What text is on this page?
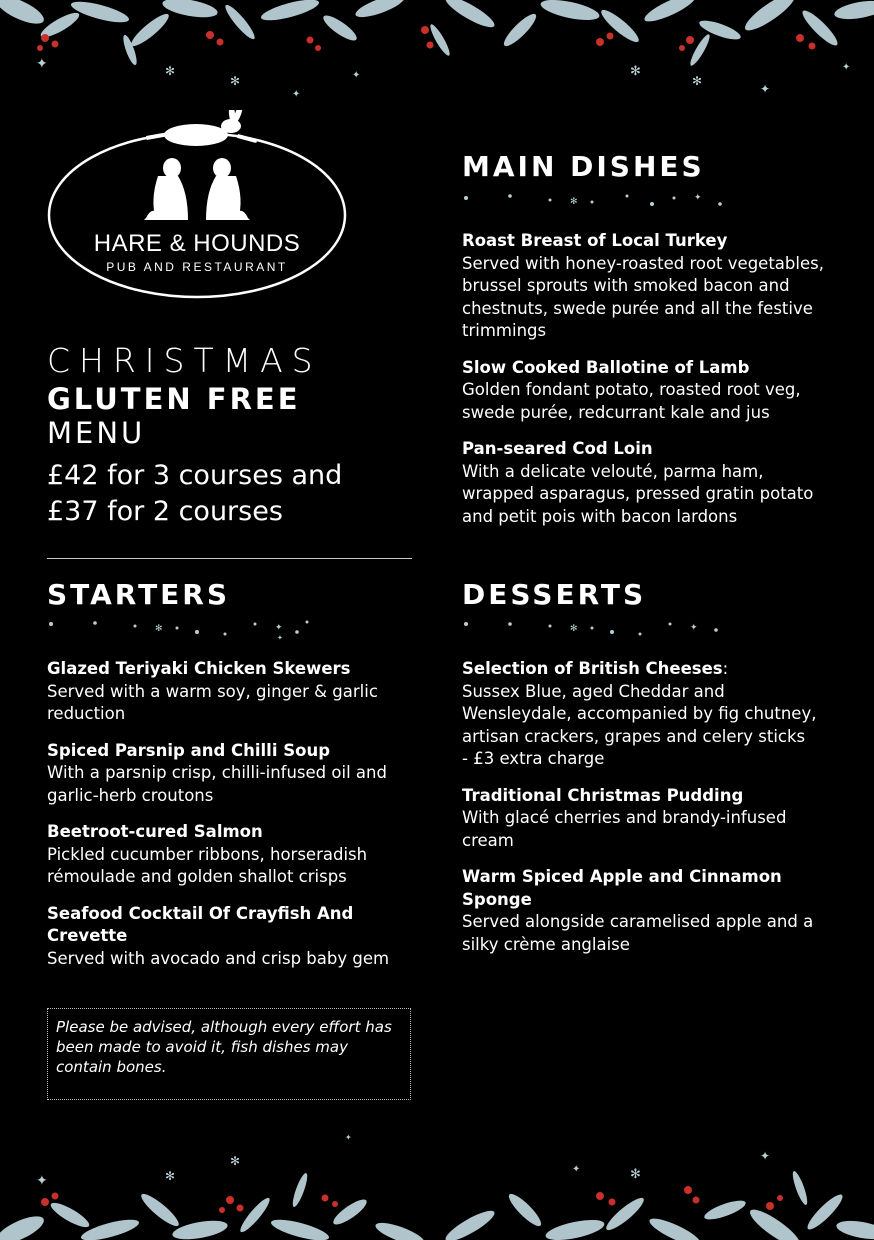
✦	✻
✻
✦
✦	✻
✻
✦
✦
HARE & HOUNDS
PUB AND RESTAURANT

CHRISTMAS

GLUTEN FREE

MENU

£42 for 3 courses and
£37 for 2 courses
STARTERS
✻	✦
✦
Glazed Teriyaki Chicken Skewers
Served with a warm soy, ginger & garlic reduction
Spiced Parsnip and Chilli Soup
With a parsnip crisp, chilli-infused oil and garlic-herb croutons
Beetroot-cured Salmon
Pickled cucumber ribbons, horseradish rémoulade and golden shallot crisps
Seafood Cocktail Of Crayfish And Crevette
Served with avocado and crisp baby gem
MAIN DISHES
✻	✦
Roast Breast of Local Turkey
Served with honey-roasted root vegetables, brussel sprouts with smoked bacon and chestnuts, swede purée and all the festive trimmings
Slow Cooked Ballotine of Lamb
Golden fondant potato, roasted root veg, swede purée, redcurrant kale and jus
Pan-seared Cod Loin
With a delicate velouté, parma ham, wrapped asparagus, pressed gratin potato and petit pois with bacon lardons
DESSERTS
✻	✦
Selection of British Cheeses:
Sussex Blue, aged Cheddar and Wensleydale, accompanied by fig chutney, artisan crackers, grapes and celery sticks
- £3 extra charge
Traditional Christmas Pudding
With glacé cherries and brandy-infused cream
Warm Spiced Apple and Cinnamon Sponge
Served alongside caramelised apple and a silky crème anglaise
Please be advised, although every effort has been made to avoid it, fish dishes may contain bones.
✦	✻
✻
✦
✦	✻
✦
